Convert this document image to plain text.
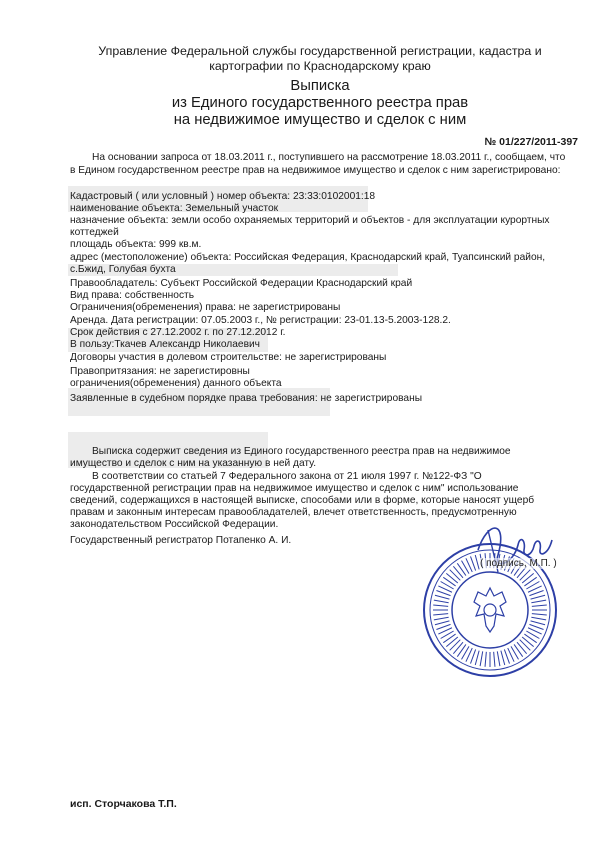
Управление Федеральной службы государственной регистрации, кадастра и
картографии по Краснодарскому краю
Выписка
из Единого государственного реестра прав
на недвижимое имущество и сделок с ним
№ 01/227/2011-397
На основании запроса от 18.03.2011 г., поступившего на рассмотрение 18.03.2011 г., сообщаем, что
в Едином государственном реестре прав на недвижимое имущество и сделок с ним зарегистрировано:
Кадастровый ( или условный ) номер объекта: 23:33:0102001:18
наименование объекта: Земельный участок
назначение объекта: земли особо охраняемых территорий и объектов - для эксплуатации курортных
коттеджей
площадь объекта: 999 кв.м.
адрес (местоположение) объекта: Российская Федерация, Краснодарский край, Туапсинский район,
с.Бжид, Голубая бухта
Правообладатель: Субъект Российской Федерации Краснодарский край
Вид права: собственность
Ограничения(обременения) права: не зарегистрированы
Аренда. Дата регистрации: 07.05.2003 г., № регистрации: 23-01.13-5.2003-128.2.
Срок действия с 27.12.2002 г. по 27.12.2012 г.
В пользу:Ткачев Александр Николаевич
Договоры участия в долевом строительстве: не зарегистрированы
Правопритязания: не зарегистировны
ограничения(обременения) данного объекта
Заявленные в судебном порядке права требования: не зарегистрированы
Выписка содержит сведения из Единого государственного реестра прав на недвижимое
имущество и сделок с ним на указанную в ней дату.
В соответствии со статьей 7 Федерального закона от 21 июля 1997 г. №122-ФЗ "О
государственной регистрации прав на недвижимое имущество и сделок с ним" использование
сведений, содержащихся в настоящей выписке, способами или в форме, которые наносят ущерб
правам и законным интересам правообладателей, влечет ответственность, предусмотренную
законодательством Российской Федерации.
Государственный регистратор Потапенко А. И.
( подпись, М.П. )
исп. Сторчакова Т.П.
